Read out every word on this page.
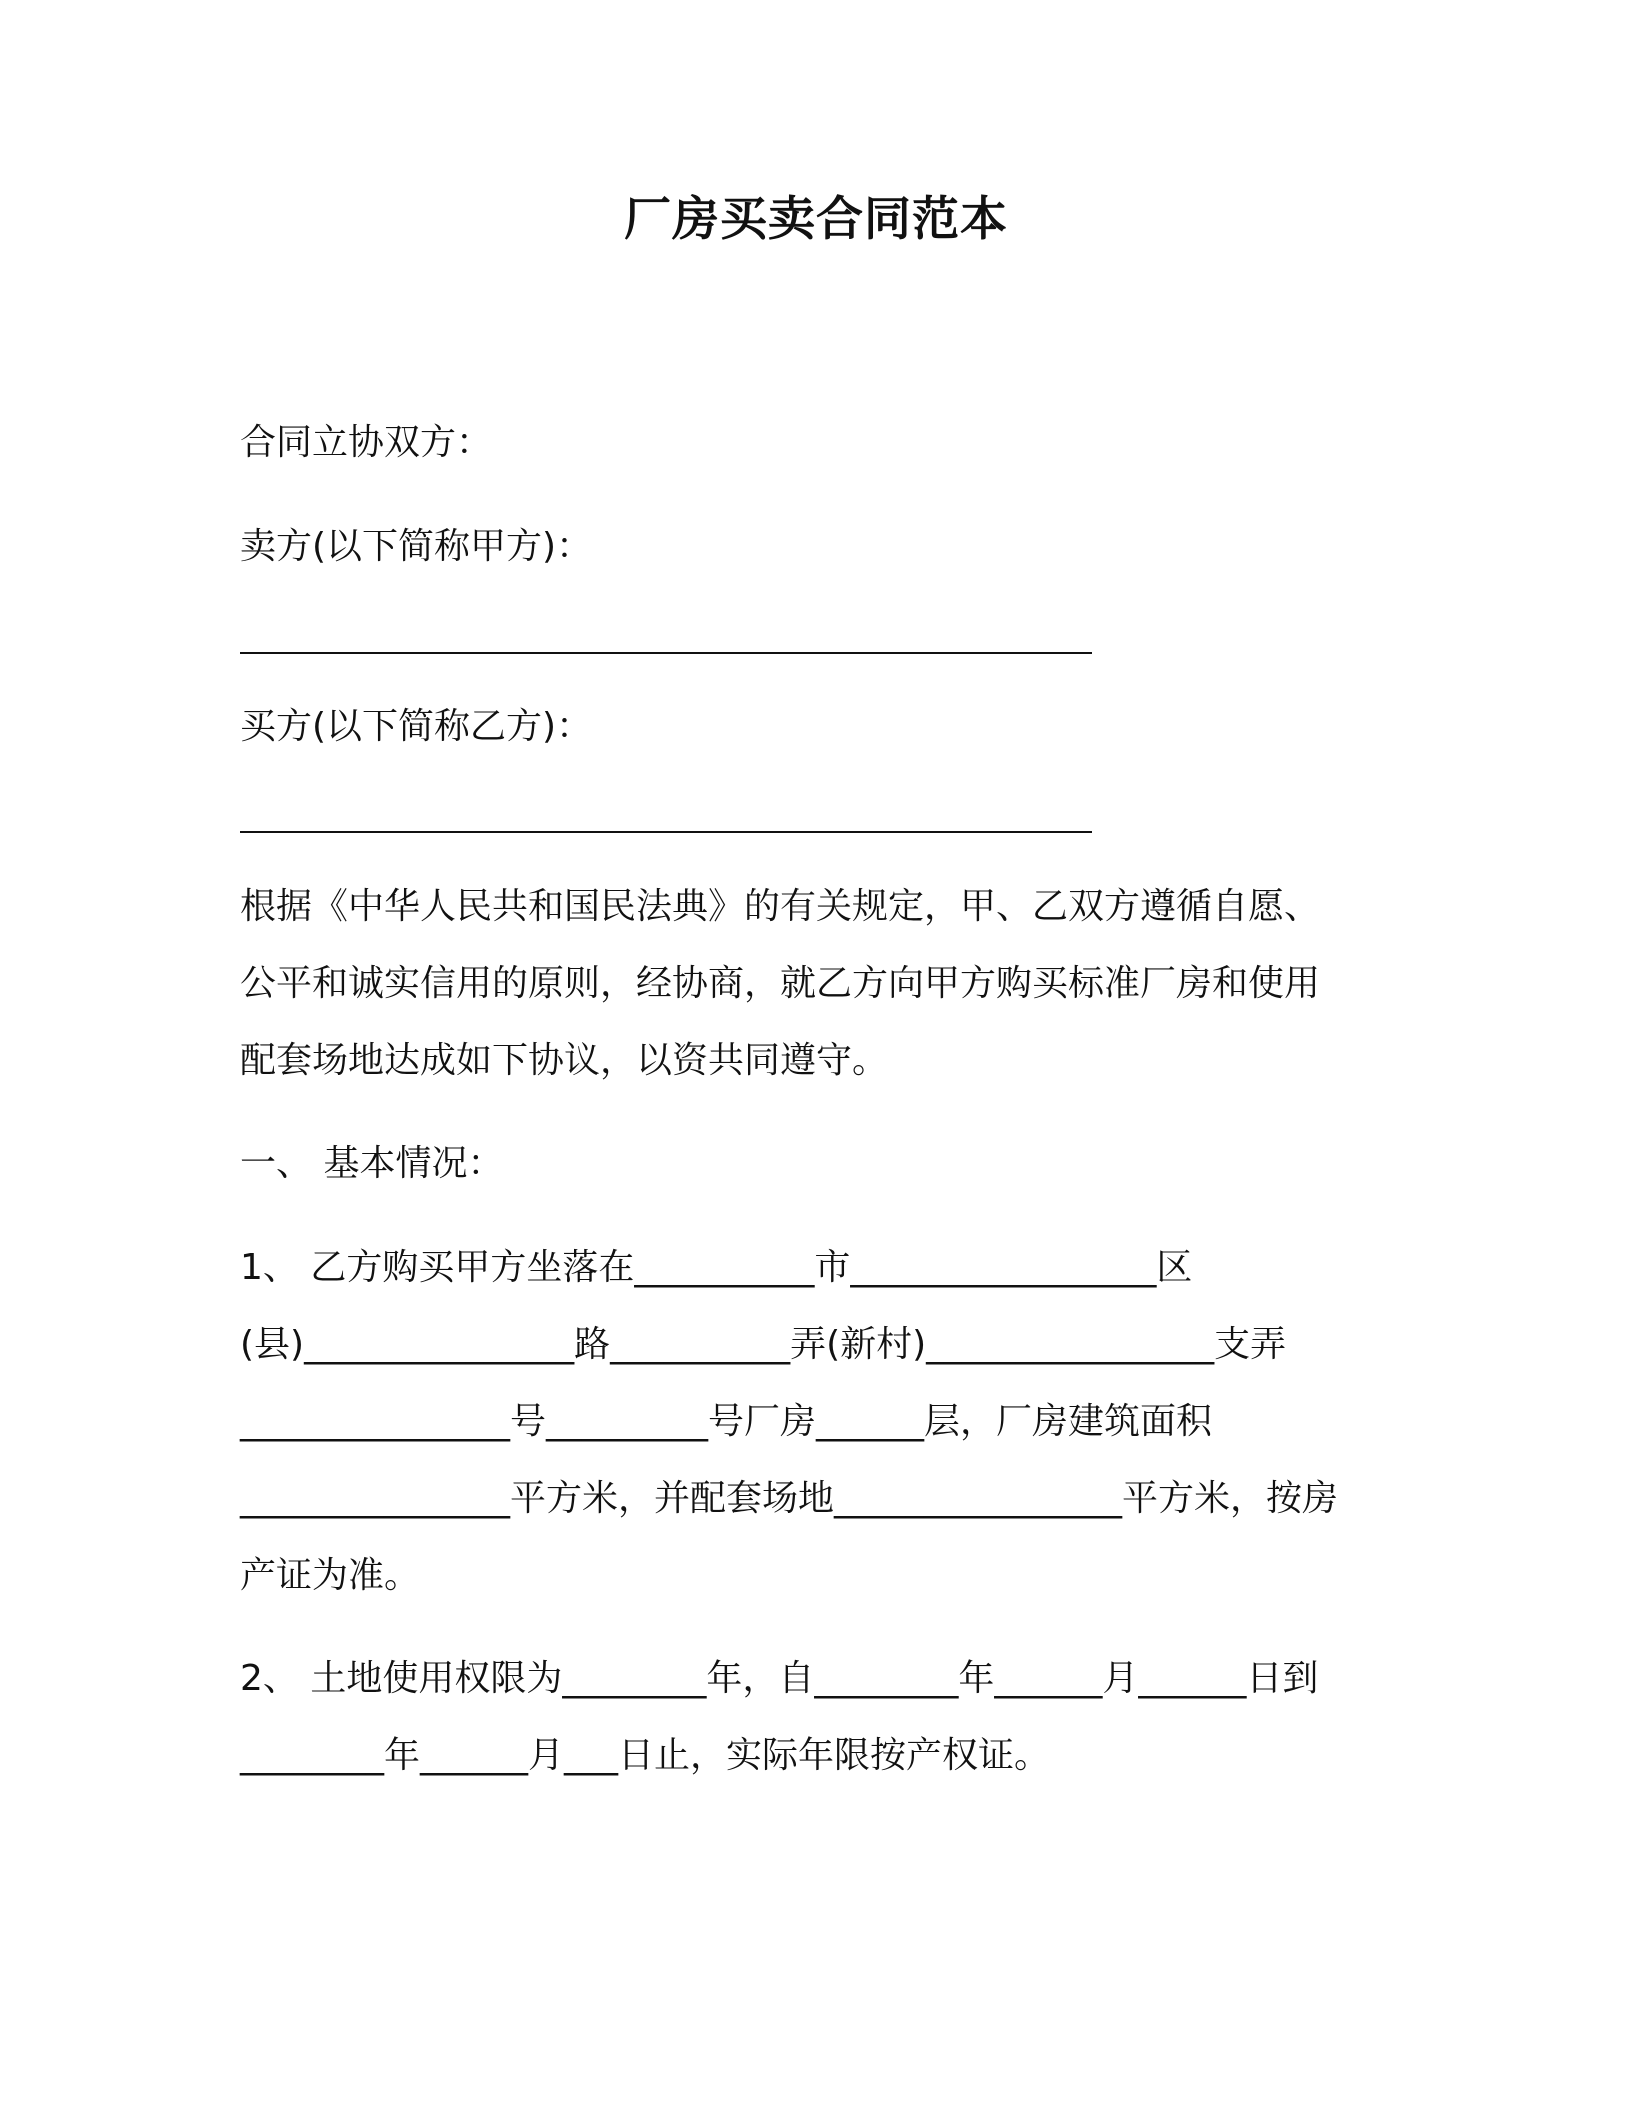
厂房买卖合同范本
合同立协双方：
卖方(以下简称甲方)：
买方(以下简称乙方)：
根据《中华人民共和国民法典》的有关规定，甲、乙双方遵循自愿、
公平和诚实信用的原则，经协商，就乙方向甲方购买标准厂房和使用
配套场地达成如下协议，以资共同遵守。
一、 基本情况：
1、 乙方购买甲方坐落在__________市_________________区
(县)_______________路__________弄(新村)________________支弄
_______________号_________号厂房______层，厂房建筑面积
_______________平方米，并配套场地________________平方米，按房
产证为准。
2、 土地使用权限为________年，自________年______月______日到
________年______月___日止，实际年限按产权证。
